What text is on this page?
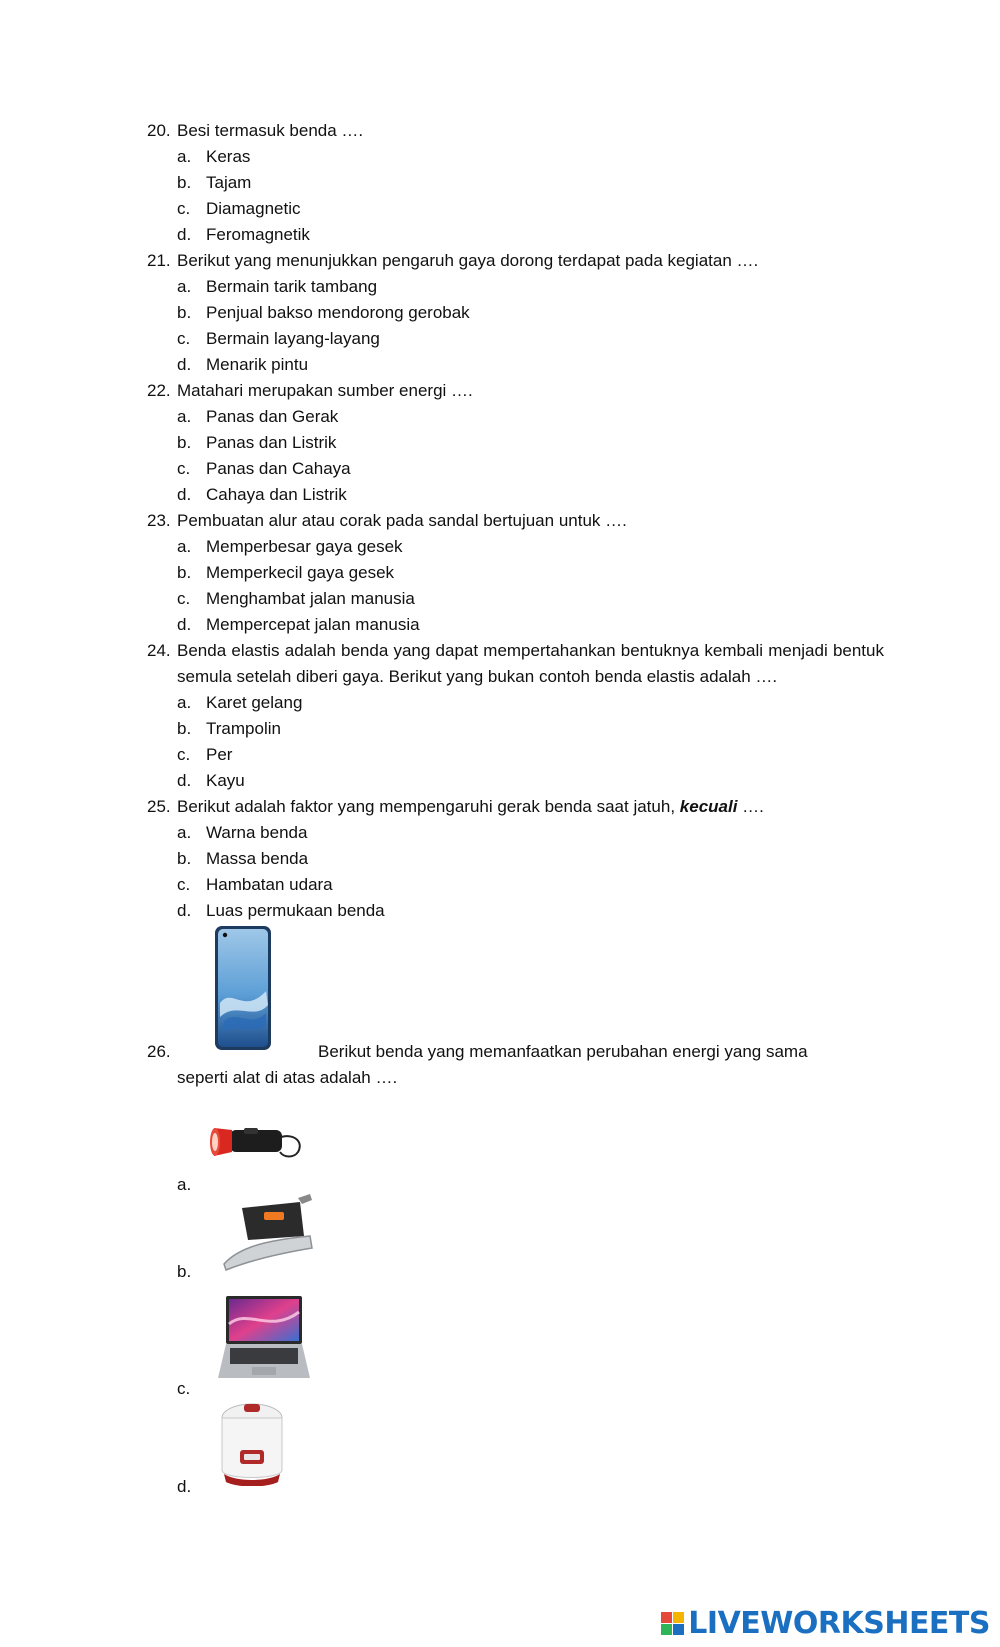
20. Besi termasuk benda ….
a. Keras
b. Tajam
c. Diamagnetic
d. Feromagnetik
21. Berikut yang menunjukkan pengaruh gaya dorong terdapat pada kegiatan ….
a. Bermain tarik tambang
b. Penjual bakso mendorong gerobak
c. Bermain layang-layang
d. Menarik pintu
22. Matahari merupakan sumber energi ….
a. Panas dan Gerak
b. Panas dan Listrik
c. Panas dan Cahaya
d. Cahaya dan Listrik
23. Pembuatan alur atau corak pada sandal bertujuan untuk ….
a. Memperbesar gaya gesek
b. Memperkecil gaya gesek
c. Menghambat jalan manusia
d. Mempercepat jalan manusia
24. Benda elastis adalah benda yang dapat mempertahankan bentuknya kembali menjadi bentuk semula setelah diberi gaya. Berikut yang bukan contoh benda elastis adalah ….
a. Karet gelang
b. Trampolin
c. Per
d. Kayu
25. Berikut adalah faktor yang mempengaruhi gerak benda saat jatuh, kecuali ….
a. Warna benda
b. Massa benda
c. Hambatan udara
d. Luas permukaan benda
26.	Berikut benda yang memanfaatkan perubahan energi yang sama
seperti alat di atas adalah ….
a.
b.
c.
d.
LIVEWORKSHEETS
